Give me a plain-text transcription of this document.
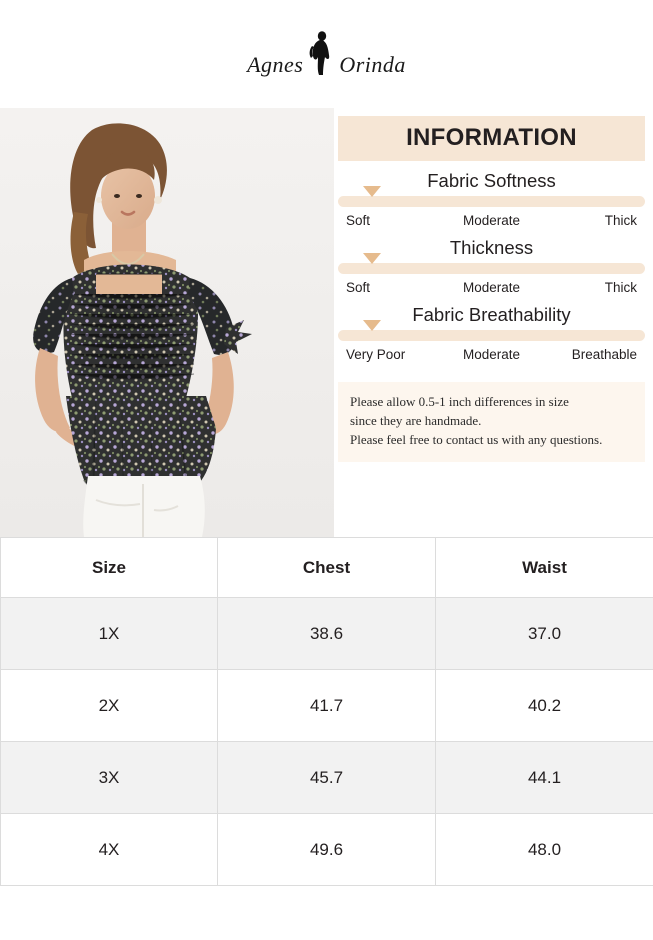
Agnes Orinda
INFORMATION
Fabric Softness
Soft	Moderate	Thick
Thickness
Soft	Moderate	Thick
Fabric Breathability
Very Poor	Moderate	Breathable
Please allow 0.5-1 inch differences in size
since they are handmade.
Please feel free to contact us with any questions.
Size	Chest	Waist
1X	38.6	37.0
2X	41.7	40.2
3X	45.7	44.1
4X	49.6	48.0
